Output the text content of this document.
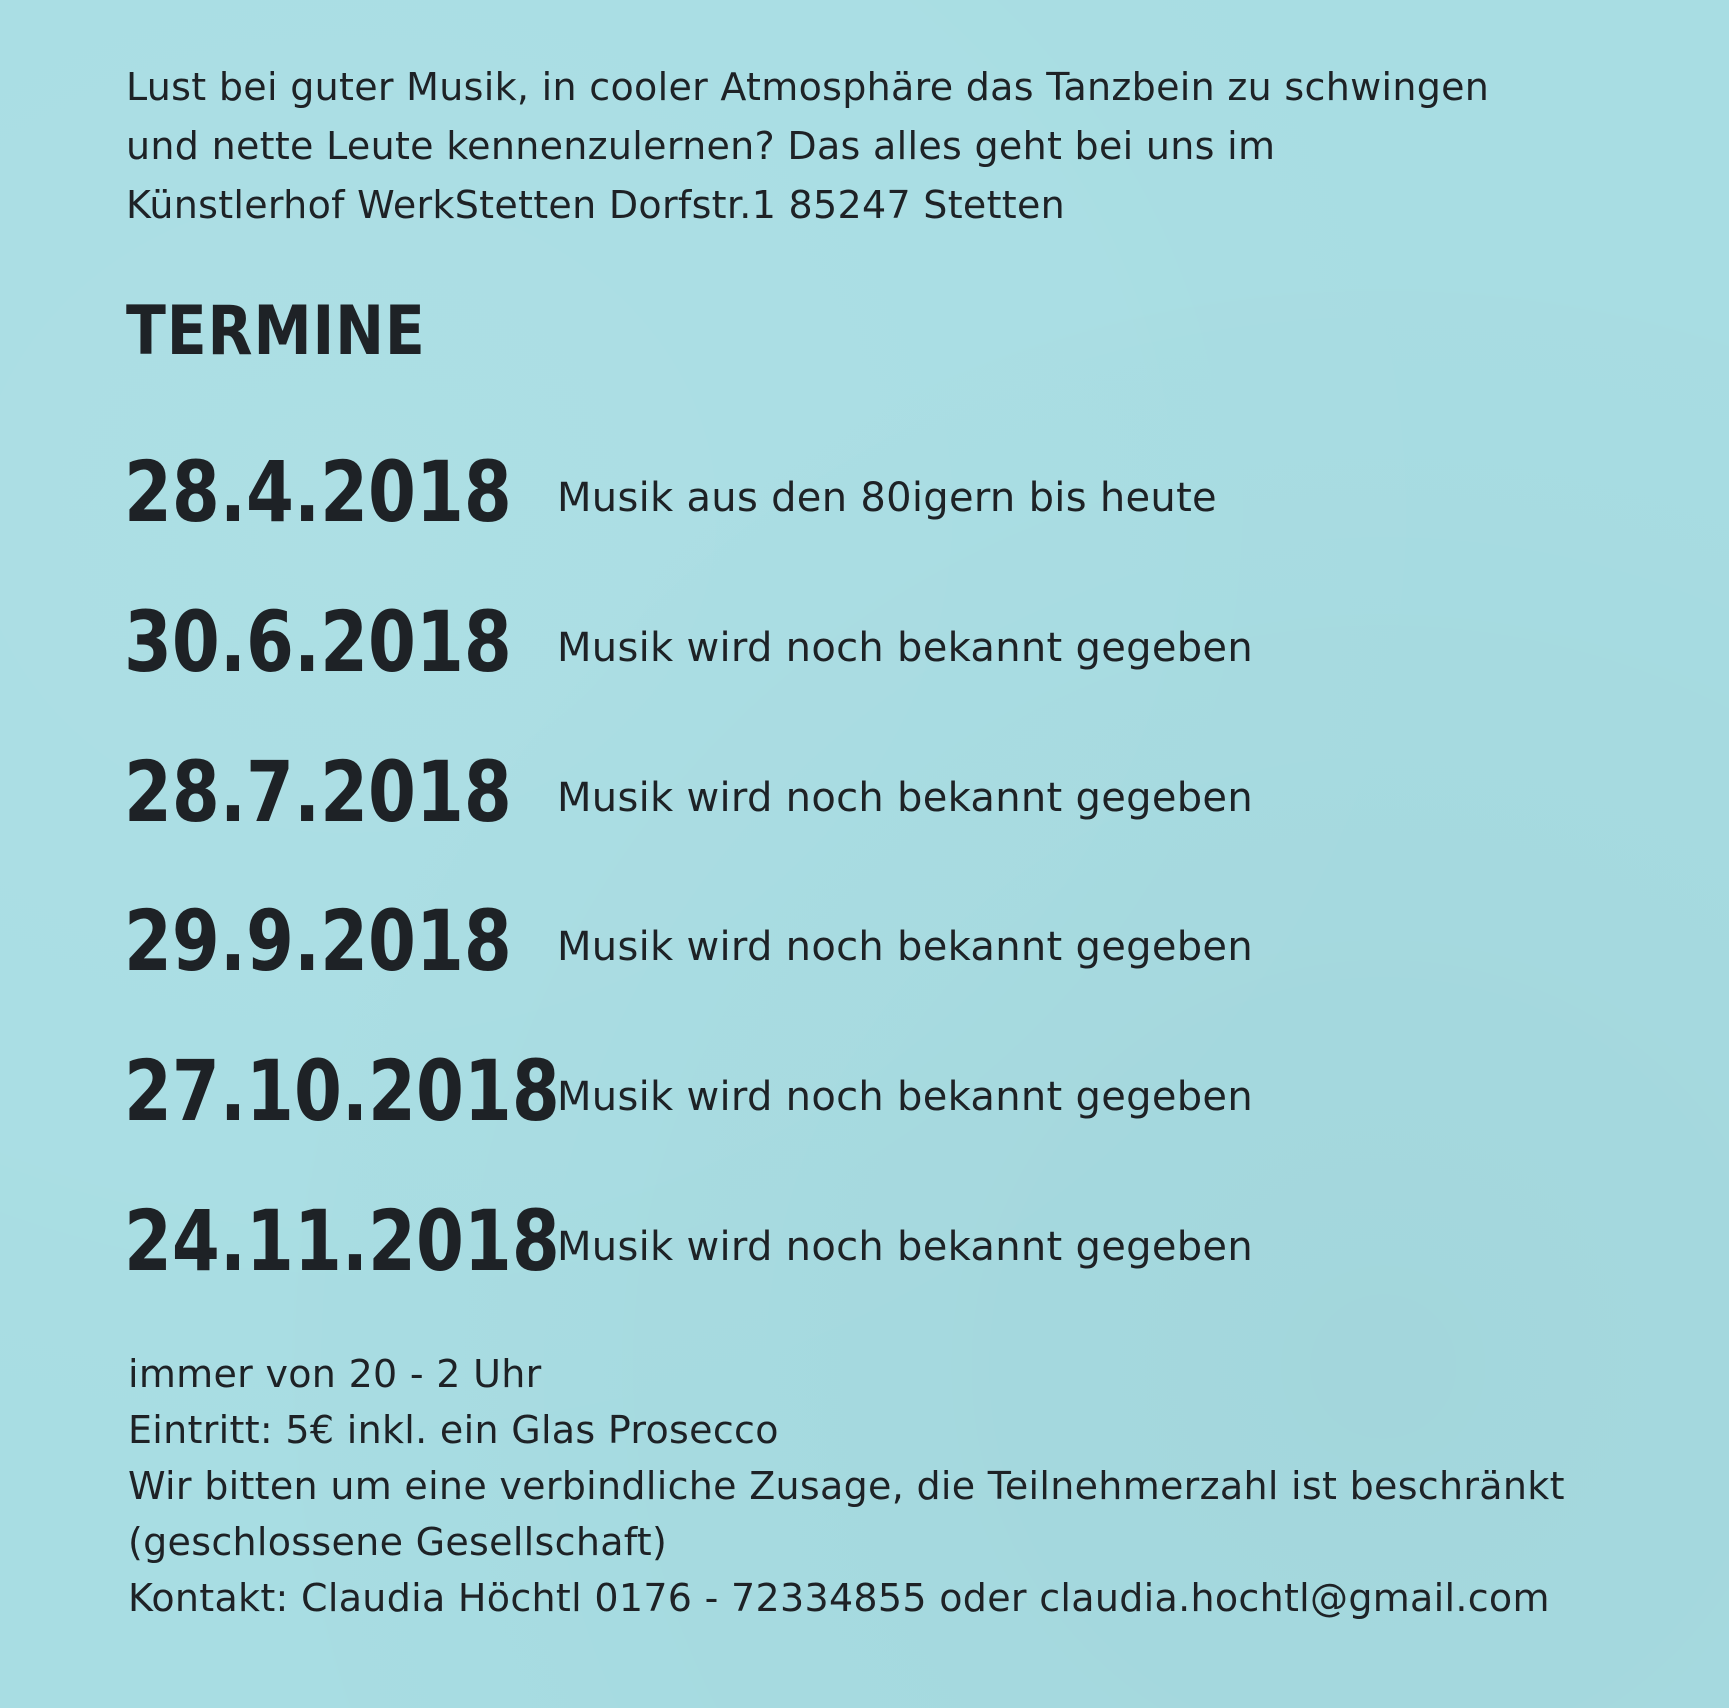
Lust bei guter Musik, in cooler Atmosphäre das Tanzbein zu schwingen
und nette Leute kennenzulernen? Das alles geht bei uns im
Künstlerhof WerkStetten Dorfstr.1 85247 Stetten

TERMINE
28.4.2018 Musik aus den 80igern bis heute
30.6.2018 Musik wird noch bekannt gegeben
28.7.2018 Musik wird noch bekannt gegeben
29.9.2018 Musik wird noch bekannt gegeben
27.10.2018
Musik wird noch bekannt gegeben
24.11.2018
Musik wird noch bekannt gegeben

immer von 20 - 2 Uhr
Eintritt: 5€ inkl. ein Glas Prosecco
Wir bitten um eine verbindliche Zusage, die Teilnehmerzahl ist beschränkt
(geschlossene Gesellschaft)
Kontakt: Claudia Höchtl 0176 - 72334855 oder claudia.hochtl@gmail.com
